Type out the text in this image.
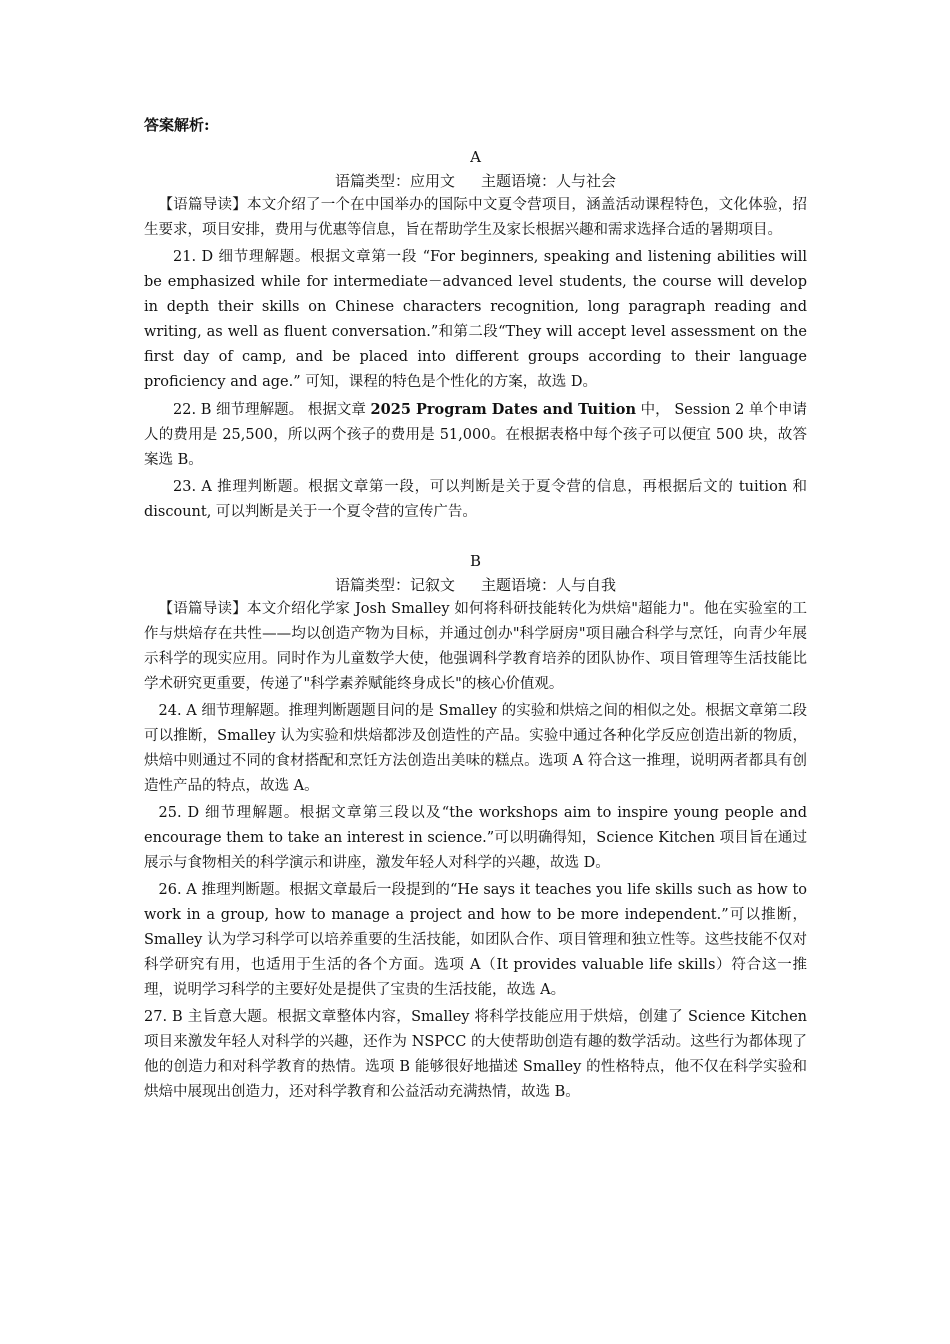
答案解析:
A
语篇类型：应用文 主题语境：人与社会

【语篇导读】本文介绍了一个在中国举办的国际中文夏令营项目，涵盖活动课程特色，文化体验，招生要求，项目安排，费用与优惠等信息，旨在帮助学生及家长根据兴趣和需求选择合适的暑期项目。

21. D 细节理解题。根据文章第一段 “For beginners, speaking and listening abilities will be emphasized while for intermediate－advanced level students, the course will develop in depth their skills on Chinese characters recognition, long paragraph reading and writing, as well as fluent conversation.”和第二段“They will accept level assessment on the first day of camp, and be placed into different groups according to their language proficiency and age.” 可知，课程的特色是个性化的方案，故选 D。

22. B 细节理解题。 根据文章 2025 Program Dates and Tuition 中， Session 2 单个申请人的费用是 25,500，所以两个孩子的费用是 51,000。在根据表格中每个孩子可以便宜 500 块，故答案选 B。

23. A 推理判断题。根据文章第一段，可以判断是关于夏令营的信息，再根据后文的 tuition 和 discount, 可以判断是关于一个夏令营的宣传广告。

B
语篇类型：记叙文 主题语境：人与自我

【语篇导读】本文介绍化学家 Josh Smalley 如何将科研技能转化为烘焙"超能力"。他在实验室的工作与烘焙存在共性——均以创造产物为目标，并通过创办"科学厨房"项目融合科学与烹饪，向青少年展示科学的现实应用。同时作为儿童数学大使，他强调科学教育培养的团队协作、项目管理等生活技能比学术研究更重要，传递了"科学素养赋能终身成长"的核心价值观。

24. A 细节理解题。推理判断题题目问的是 Smalley 的实验和烘焙之间的相似之处。根据文章第二段可以推断，Smalley 认为实验和烘焙都涉及创造性的产品。实验中通过各种化学反应创造出新的物质，烘焙中则通过不同的食材搭配和烹饪方法创造出美味的糕点。选项 A 符合这一推理，说明两者都具有创造性产品的特点，故选 A。

25. D 细节理解题。根据文章第三段以及“the workshops aim to inspire young people and encourage them to take an interest in science.”可以明确得知，Science Kitchen 项目旨在通过展示与食物相关的科学演示和讲座，激发年轻人对科学的兴趣，故选 D。

26. A 推理判断题。根据文章最后一段提到的“He says it teaches you life skills such as how to work in a group, how to manage a project and how to be more independent.”可以推断，Smalley 认为学习科学可以培养重要的生活技能，如团队合作、项目管理和独立性等。这些技能不仅对科学研究有用，也适用于生活的各个方面。选项 A（It provides valuable life skills）符合这一推理，说明学习科学的主要好处是提供了宝贵的生活技能，故选 A。

27. B 主旨意大题。根据文章整体内容，Smalley 将科学技能应用于烘焙，创建了 Science Kitchen 项目来激发年轻人对科学的兴趣，还作为 NSPCC 的大使帮助创造有趣的数学活动。这些行为都体现了他的创造力和对科学教育的热情。选项 B 能够很好地描述 Smalley 的性格特点，他不仅在科学实验和烘焙中展现出创造力，还对科学教育和公益活动充满热情，故选 B。
